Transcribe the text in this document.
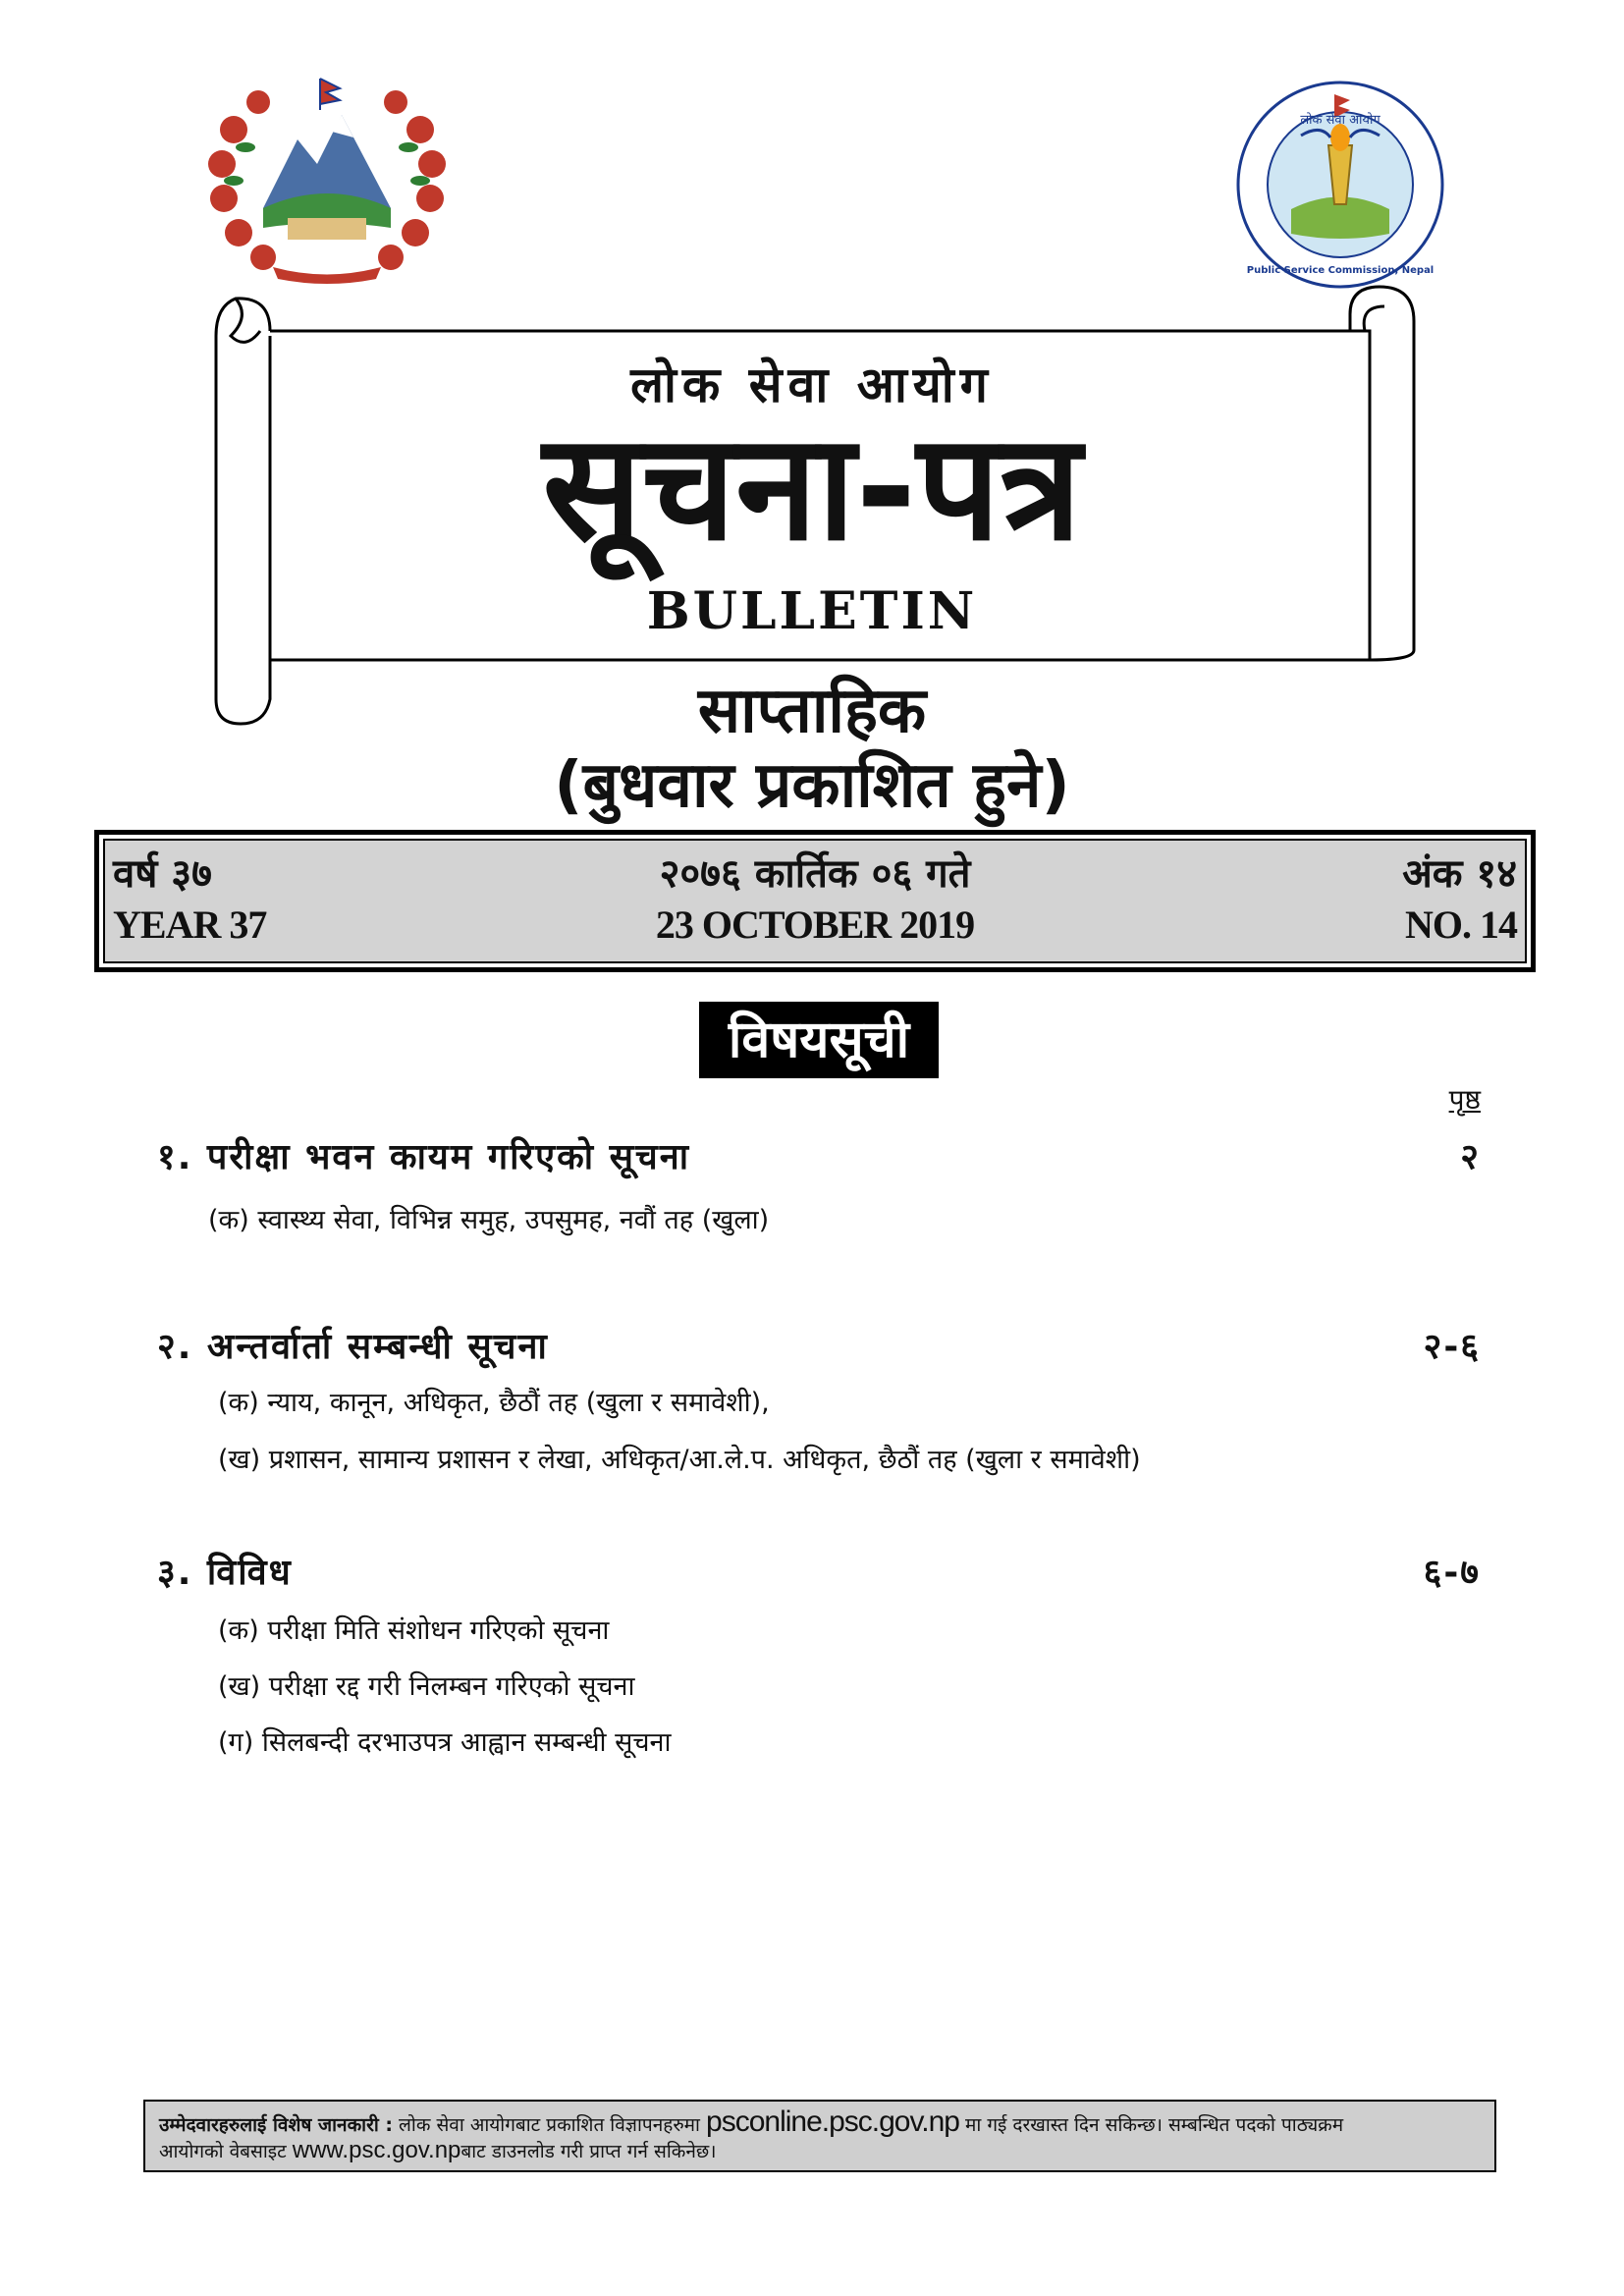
लोक सेवा आयोग
Public Service Commission, Nepal
लोक सेवा आयोग
सूचना-पत्र
BULLETIN
साप्ताहिक
(बुधवार प्रकाशित हुने)
वर्ष ३७	२०७६ कार्तिक ०६ गते	अंक १४
YEAR 37	23 OCTOBER 2019	NO. 14
विषयसूची
पृष्ठ
१. परीक्षा भवन कायम गरिएको सूचना	२
(क) स्वास्थ्य सेवा, विभिन्न समुह, उपसुमह, नवौं तह (खुला)
२. अन्तर्वार्ता सम्बन्धी सूचना	२-६
(क) न्याय, कानून, अधिकृत, छैठौं तह (खुला र समावेशी),
(ख) प्रशासन, सामान्य प्रशासन र लेखा, अधिकृत/आ.ले.प. अधिकृत, छैठौं तह (खुला र समावेशी)
३. विविध	६-७
(क) परीक्षा मिति संशोधन गरिएको सूचना
(ख) परीक्षा रद्द गरी निलम्बन गरिएको सूचना
(ग) सिलबन्दी दरभाउपत्र आह्वान सम्बन्धी सूचना
उम्मेदवारहरुलाई विशेष जानकारी : लोक सेवा आयोगबाट प्रकाशित विज्ञापनहरुमा psconline.psc.gov.np मा गई दरखास्त दिन सकिन्छ। सम्बन्धित पदको पाठ्यक्रम
आयोगको वेबसाइट www.psc.gov.npबाट डाउनलोड गरी प्राप्त गर्न सकिनेछ।
